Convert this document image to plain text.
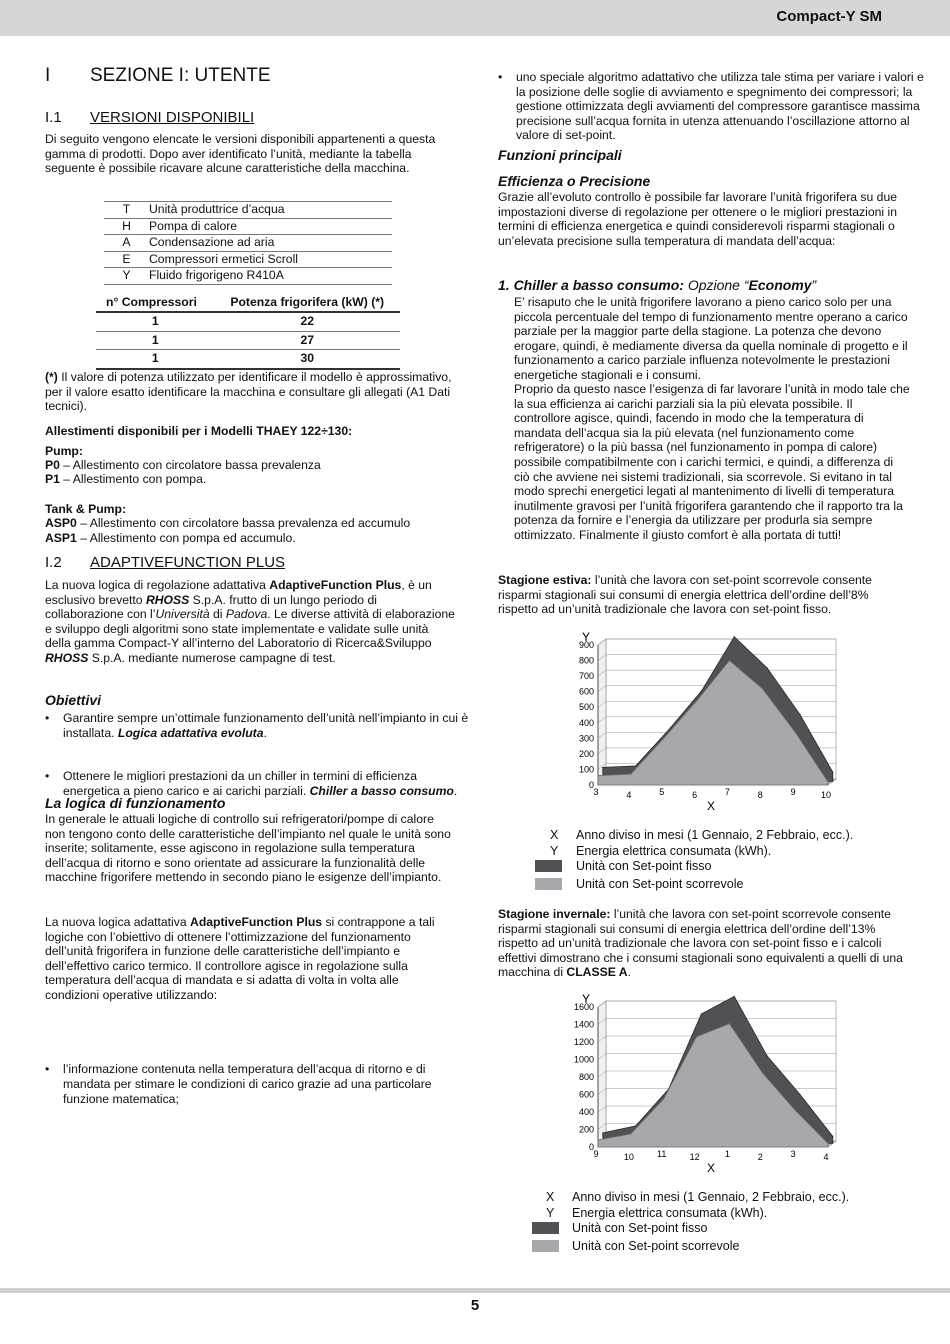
Compact-Y SM
I SEZIONE I: UTENTE
I.1 VERSIONI DISPONIBILI

Di seguito vengono elencate le versioni disponibili appartenenti a questa gamma di prodotti. Dopo aver identificato l’unità, mediante la tabella seguente è possibile ricavare alcune caratteristiche della macchina.

T	Unità produttrice d’acqua
H	Pompa di calore
A	Condensazione ad aria
E	Compressori ermetici Scroll
Y	Fluido frigorigeno R410A
n° Compressori	Potenza frigorifera (kW) (*)
1	22
1	27
1	30

(*) Il valore di potenza utilizzato per identificare il modello è approssimativo, per il valore esatto identificare la macchina e consultare gli allegati (A1 Dati tecnici).

Allestimenti disponibili per i Modelli THAEY 122÷130:

Pump:

P0 – Allestimento con circolatore bassa prevalenza

P1 – Allestimento con pompa.

Tank & Pump:

ASP0 – Allestimento con circolatore bassa prevalenza ed accumulo

ASP1 – Allestimento con pompa ed accumulo.

I.2 ADAPTIVEFUNCTION PLUS

La nuova logica di regolazione adattativa AdaptiveFunction Plus, è un esclusivo brevetto RHOSS S.p.A. frutto di un lungo periodo di collaborazione con l’Università di Padova. Le diverse attività di elaborazione e sviluppo degli algoritmi sono state implementate e validate sulle unità della gamma Compact-Y all’interno del Laboratorio di Ricerca&Sviluppo RHOSS S.p.A. mediante numerose campagne di test.

Obiettivi

• Garantire sempre un’ottimale funzionamento dell’unità nell’impianto in cui è installata. Logica adattativa evoluta.

• Ottenere le migliori prestazioni da un chiller in termini di efficienza energetica a pieno carico e ai carichi parziali. Chiller a basso consumo.

La logica di funzionamento

In generale le attuali logiche di controllo sui refrigeratori/pompe di calore non tengono conto delle caratteristiche dell’impianto nel quale le unità sono inserite; solitamente, esse agiscono in regolazione sulla temperatura dell’acqua di ritorno e sono orientate ad assicurare la funzionalità delle macchine frigorifere mettendo in secondo piano le esigenze dell’impianto.

La nuova logica adattativa AdaptiveFunction Plus si contrappone a tali logiche con l’obiettivo di ottenere l’ottimizzazione del funzionamento dell’unità frigorifera in funzione delle caratteristiche dell’impianto e dell’effettivo carico termico. Il controllore agisce in regolazione sulla temperatura dell’acqua di mandata e si adatta di volta in volta alle condizioni operative utilizzando:

• l’informazione contenuta nella temperatura dell’acqua di ritorno e di mandata per stimare le condizioni di carico grazie ad una particolare funzione matematica;

• uno speciale algoritmo adattativo che utilizza tale stima per variare i valori e la posizione delle soglie di avviamento e spegnimento dei compressori; la gestione ottimizzata degli avviamenti del compressore garantisce massima precisione sull’acqua fornita in utenza attenuando l’oscillazione attorno al valore di set-point.

Funzioni principali

Efficienza o Precisione

Grazie all’evoluto controllo è possibile far lavorare l’unità frigorifera su due impostazioni diverse di regolazione per ottenere o le migliori prestazioni in termini di efficienza energetica e quindi considerevoli risparmi stagionali o un’elevata precisione sulla temperatura di mandata dell’acqua:

1. Chiller a basso consumo: Opzione “Economy”

E’ risaputo che le unità frigorifere lavorano a pieno carico solo per una piccola percentuale del tempo di funzionamento mentre operano a carico parziale per la maggior parte della stagione. La potenza che devono erogare, quindi, è mediamente diversa da quella nominale di progetto e il funzionamento a carico parziale influenza notevolmente le prestazioni energetiche stagionali e i consumi.

Proprio da questo nasce l’esigenza di far lavorare l’unità in modo tale che la sua efficienza ai carichi parziali sia la più elevata possibile. Il controllore agisce, quindi, facendo in modo che la temperatura di mandata dell’acqua sia la più elevata (nel funzionamento come refrigeratore) o la più bassa (nel funzionamento in pompa di calore) possibile compatibilmente con i carichi termici, e quindi, a differenza di ciò che avviene nei sistemi tradizionali, sia scorrevole. Si evitano in tal modo sprechi energetici legati al mantenimento di livelli di temperatura inutilmente gravosi per l’unità frigorifera garantendo che il rapporto tra la potenza da fornire e l’energia da utilizzare per produrla sia sempre ottimizzato. Finalmente il giusto comfort è alla portata di tutti!

Stagione estiva: l’unità che lavora con set-point scorrevole consente risparmi stagionali sui consumi di energia elettrica dell’ordine dell’8% rispetto ad un’unità tradizionale che lavora con set-point fisso.

0
100
200
300
400
500
600
700
800
900
3	4	5	6	7	8	9	10
X
Y
X Anno diviso in mesi (1 Gennaio, 2 Febbraio, ecc.).
Y Energia elettrica consumata (kWh).
Unità con Set-point fisso
Unità con Set-point scorrevole

Stagione invernale: l’unità che lavora con set-point scorrevole consente risparmi stagionali sui consumi di energia elettrica dell’ordine dell’13% rispetto ad un’unità tradizionale che lavora con set-point fisso e i calcoli effettivi dimostrano che i consumi stagionali sono equivalenti a quelli di una macchina di CLASSE A.

0
200
400
600
800
1000
1200
1400
1600
9	10	11	12	1	2	3	4
X
Y
X Anno diviso in mesi (1 Gennaio, 2 Febbraio, ecc.).
Y Energia elettrica consumata (kWh).
Unità con Set-point fisso
Unità con Set-point scorrevole
5
